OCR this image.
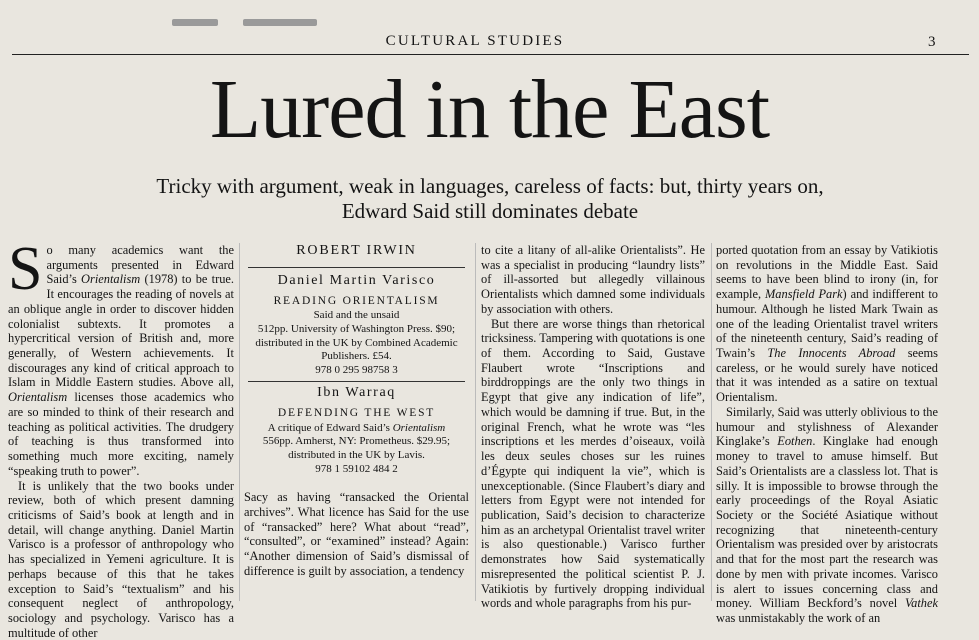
CULTURAL STUDIES	3
Lured in the East
Tricky with argument, weak in languages, careless of facts: but, thirty years on,
Edward Said still dominates debate

So many academics want the arguments presented in Edward Said’s Orientalism (1978) to be true. It encourages the reading of novels at an oblique angle in order to discover hidden colonialist subtexts. It promotes a hypercritical version of British and, more generally, of Western achievements. It discourages any kind of critical approach to Islam in Middle Eastern studies. Above all, Orientalism licenses those academics who are so minded to think of their research and teaching as political activities. The drudgery of teaching is thus transformed into something much more exciting, namely “speaking truth to power”.

It is unlikely that the two books under review, both of which present damning criticisms of Said’s book at length and in detail, will change anything. Daniel Martin Varisco is a professor of anthropology who has specialized in Yemeni agriculture. It is perhaps because of this that he takes exception to Said’s “textualism” and his consequent neglect of anthropology, sociology and psychology. Varisco has a multitude of other

ROBERT IRWIN
Daniel Martin Varisco
READING ORIENTALISM
Said and the unsaid
512pp. University of Washington Press. $90;
distributed in the UK by Combined Academic
Publishers. £54.
978 0 295 98758 3
Ibn Warraq
DEFENDING THE WEST
A critique of Edward Said’s Orientalism
556pp. Amherst, NY: Prometheus. $29.95;
distributed in the UK by Lavis.
978 1 59102 484 2
Sacy as having “ransacked the Oriental archives”. What licence has Said for the use of “ransacked” here? What about “read”, “consulted”, or “examined” instead? Again: “Another dimension of Said’s dismissal of difference is guilt by association, a tendency

to cite a litany of all-alike Orientalists”. He was a specialist in producing “laundry lists” of ill-assorted but allegedly villainous Orientalists which damned some individuals by association with others.

But there are worse things than rhetorical tricksiness. Tampering with quotations is one of them. According to Said, Gustave Flaubert wrote “Inscriptions and birddroppings are the only two things in Egypt that give any indication of life”, which would be damning if true. But, in the original French, what he wrote was “les inscriptions et les merdes d’oiseaux, voilà les deux seules choses sur les ruines d’Égypte qui indiquent la vie”, which is unexceptionable. (Since Flaubert’s diary and letters from Egypt were not intended for publication, Said’s decision to characterize him as an archetypal Orientalist travel writer is also questionable.) Varisco further demonstrates how Said systematically misrepresented the political scientist P. J. Vatikiotis by furtively dropping individual words and whole paragraphs from his pur-

ported quotation from an essay by Vatikiotis on revolutions in the Middle East. Said seems to have been blind to irony (in, for example, Mansfield Park) and indifferent to humour. Although he listed Mark Twain as one of the leading Orientalist travel writers of the nineteenth century, Said’s reading of Twain’s The Innocents Abroad seems careless, or he would surely have noticed that it was intended as a satire on textual Orientalism.

Similarly, Said was utterly oblivious to the humour and stylishness of Alexander Kinglake’s Eothen. Kinglake had enough money to travel to amuse himself. But Said’s Orientalists are a classless lot. That is silly. It is impossible to browse through the early proceedings of the Royal Asiatic Society or the Société Asiatique without recognizing that nineteenth-century Orientalism was presided over by aristocrats and that for the most part the research was done by men with private incomes. Varisco is alert to issues concerning class and money. William Beckford’s novel Vathek was unmistakably the work of an
